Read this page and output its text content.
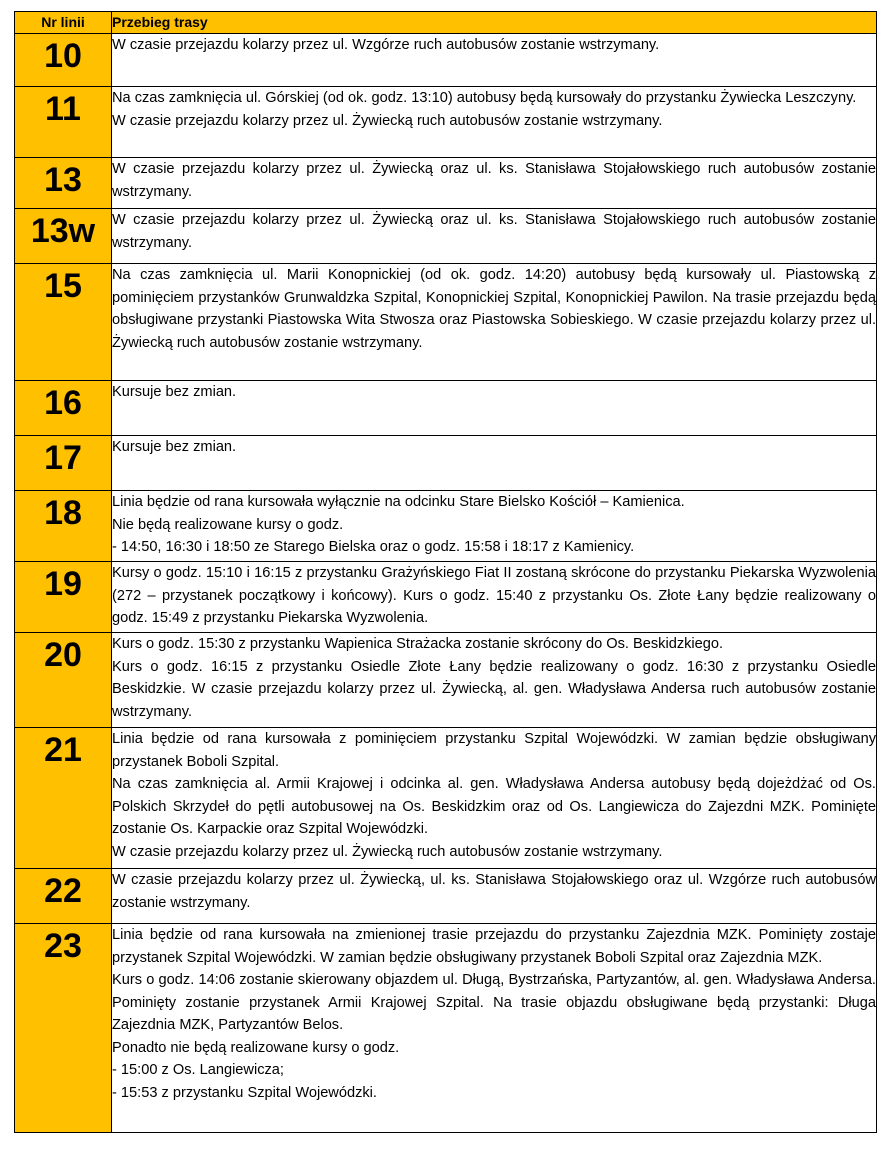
Nr linii	Przebieg trasy
10	W czasie przejazdu kolarzy przez ul. Wzgórze ruch autobusów zostanie wstrzymany.
11	Na czas zamknięcia ul. Górskiej (od ok. godz. 13:10) autobusy będą kursowały do przystanku Żywiecka Leszczyny.
W czasie przejazdu kolarzy przez ul. Żywiecką ruch autobusów zostanie wstrzymany.
13	W czasie przejazdu kolarzy przez ul. Żywiecką oraz ul. ks. Stanisława Stojałowskiego ruch autobusów zostanie wstrzymany.
13w	W czasie przejazdu kolarzy przez ul. Żywiecką oraz ul. ks. Stanisława Stojałowskiego ruch autobusów zostanie wstrzymany.
15	Na czas zamknięcia ul. Marii Konopnickiej (od ok. godz. 14:20) autobusy będą kursowały ul. Piastowską z pominięciem przystanków Grunwaldzka Szpital, Konopnickiej Szpital, Konopnickiej Pawilon. Na trasie przejazdu będą obsługiwane przystanki Piastowska Wita Stwosza oraz Piastowska Sobieskiego. W czasie przejazdu kolarzy przez ul. Żywiecką ruch autobusów zostanie wstrzymany.
16	Kursuje bez zmian.
17	Kursuje bez zmian.
18	Linia będzie od rana kursowała wyłącznie na odcinku Stare Bielsko Kościół – Kamienica.
Nie będą realizowane kursy o godz.
- 14:50, 16:30 i 18:50 ze Starego Bielska oraz o godz. 15:58 i 18:17 z Kamienicy.
19	Kursy o godz. 15:10 i 16:15 z przystanku Grażyńskiego Fiat II zostaną skrócone do przystanku Piekarska Wyzwolenia (272 – przystanek początkowy i końcowy). Kurs o godz. 15:40 z przystanku Os. Złote Łany będzie realizowany o godz. 15:49 z przystanku Piekarska Wyzwolenia.
20	Kurs o godz. 15:30 z przystanku Wapienica Strażacka zostanie skrócony do Os. Beskidzkiego.
Kurs o godz. 16:15 z przystanku Osiedle Złote Łany będzie realizowany o godz. 16:30 z przystanku Osiedle Beskidzkie. W czasie przejazdu kolarzy przez ul. Żywiecką, al. gen. Władysława Andersa ruch autobusów zostanie wstrzymany.
21	Linia będzie od rana kursowała z pominięciem przystanku Szpital Wojewódzki. W zamian będzie obsługiwany przystanek Boboli Szpital.
Na czas zamknięcia al. Armii Krajowej i odcinka al. gen. Władysława Andersa autobusy będą dojeżdżać od Os. Polskich Skrzydeł do pętli autobusowej na Os. Beskidzkim oraz od Os. Langiewicza do Zajezdni MZK. Pominięte zostanie Os. Karpackie oraz Szpital Wojewódzki.
W czasie przejazdu kolarzy przez ul. Żywiecką ruch autobusów zostanie wstrzymany.
22	W czasie przejazdu kolarzy przez ul. Żywiecką, ul. ks. Stanisława Stojałowskiego oraz ul. Wzgórze ruch autobusów zostanie wstrzymany.
23	Linia będzie od rana kursowała na zmienionej trasie przejazdu do przystanku Zajezdnia MZK. Pominięty zostaje przystanek Szpital Wojewódzki. W zamian będzie obsługiwany przystanek Boboli Szpital oraz Zajezdnia MZK.
Kurs o godz. 14:06 zostanie skierowany objazdem ul. Długą, Bystrzańska, Partyzantów, al. gen. Władysława Andersa. Pominięty zostanie przystanek Armii Krajowej Szpital. Na trasie objazdu obsługiwane będą przystanki: Długa Zajezdnia MZK, Partyzantów Belos.
Ponadto nie będą realizowane kursy o godz.
- 15:00 z Os. Langiewicza;
- 15:53 z przystanku Szpital Wojewódzki.
